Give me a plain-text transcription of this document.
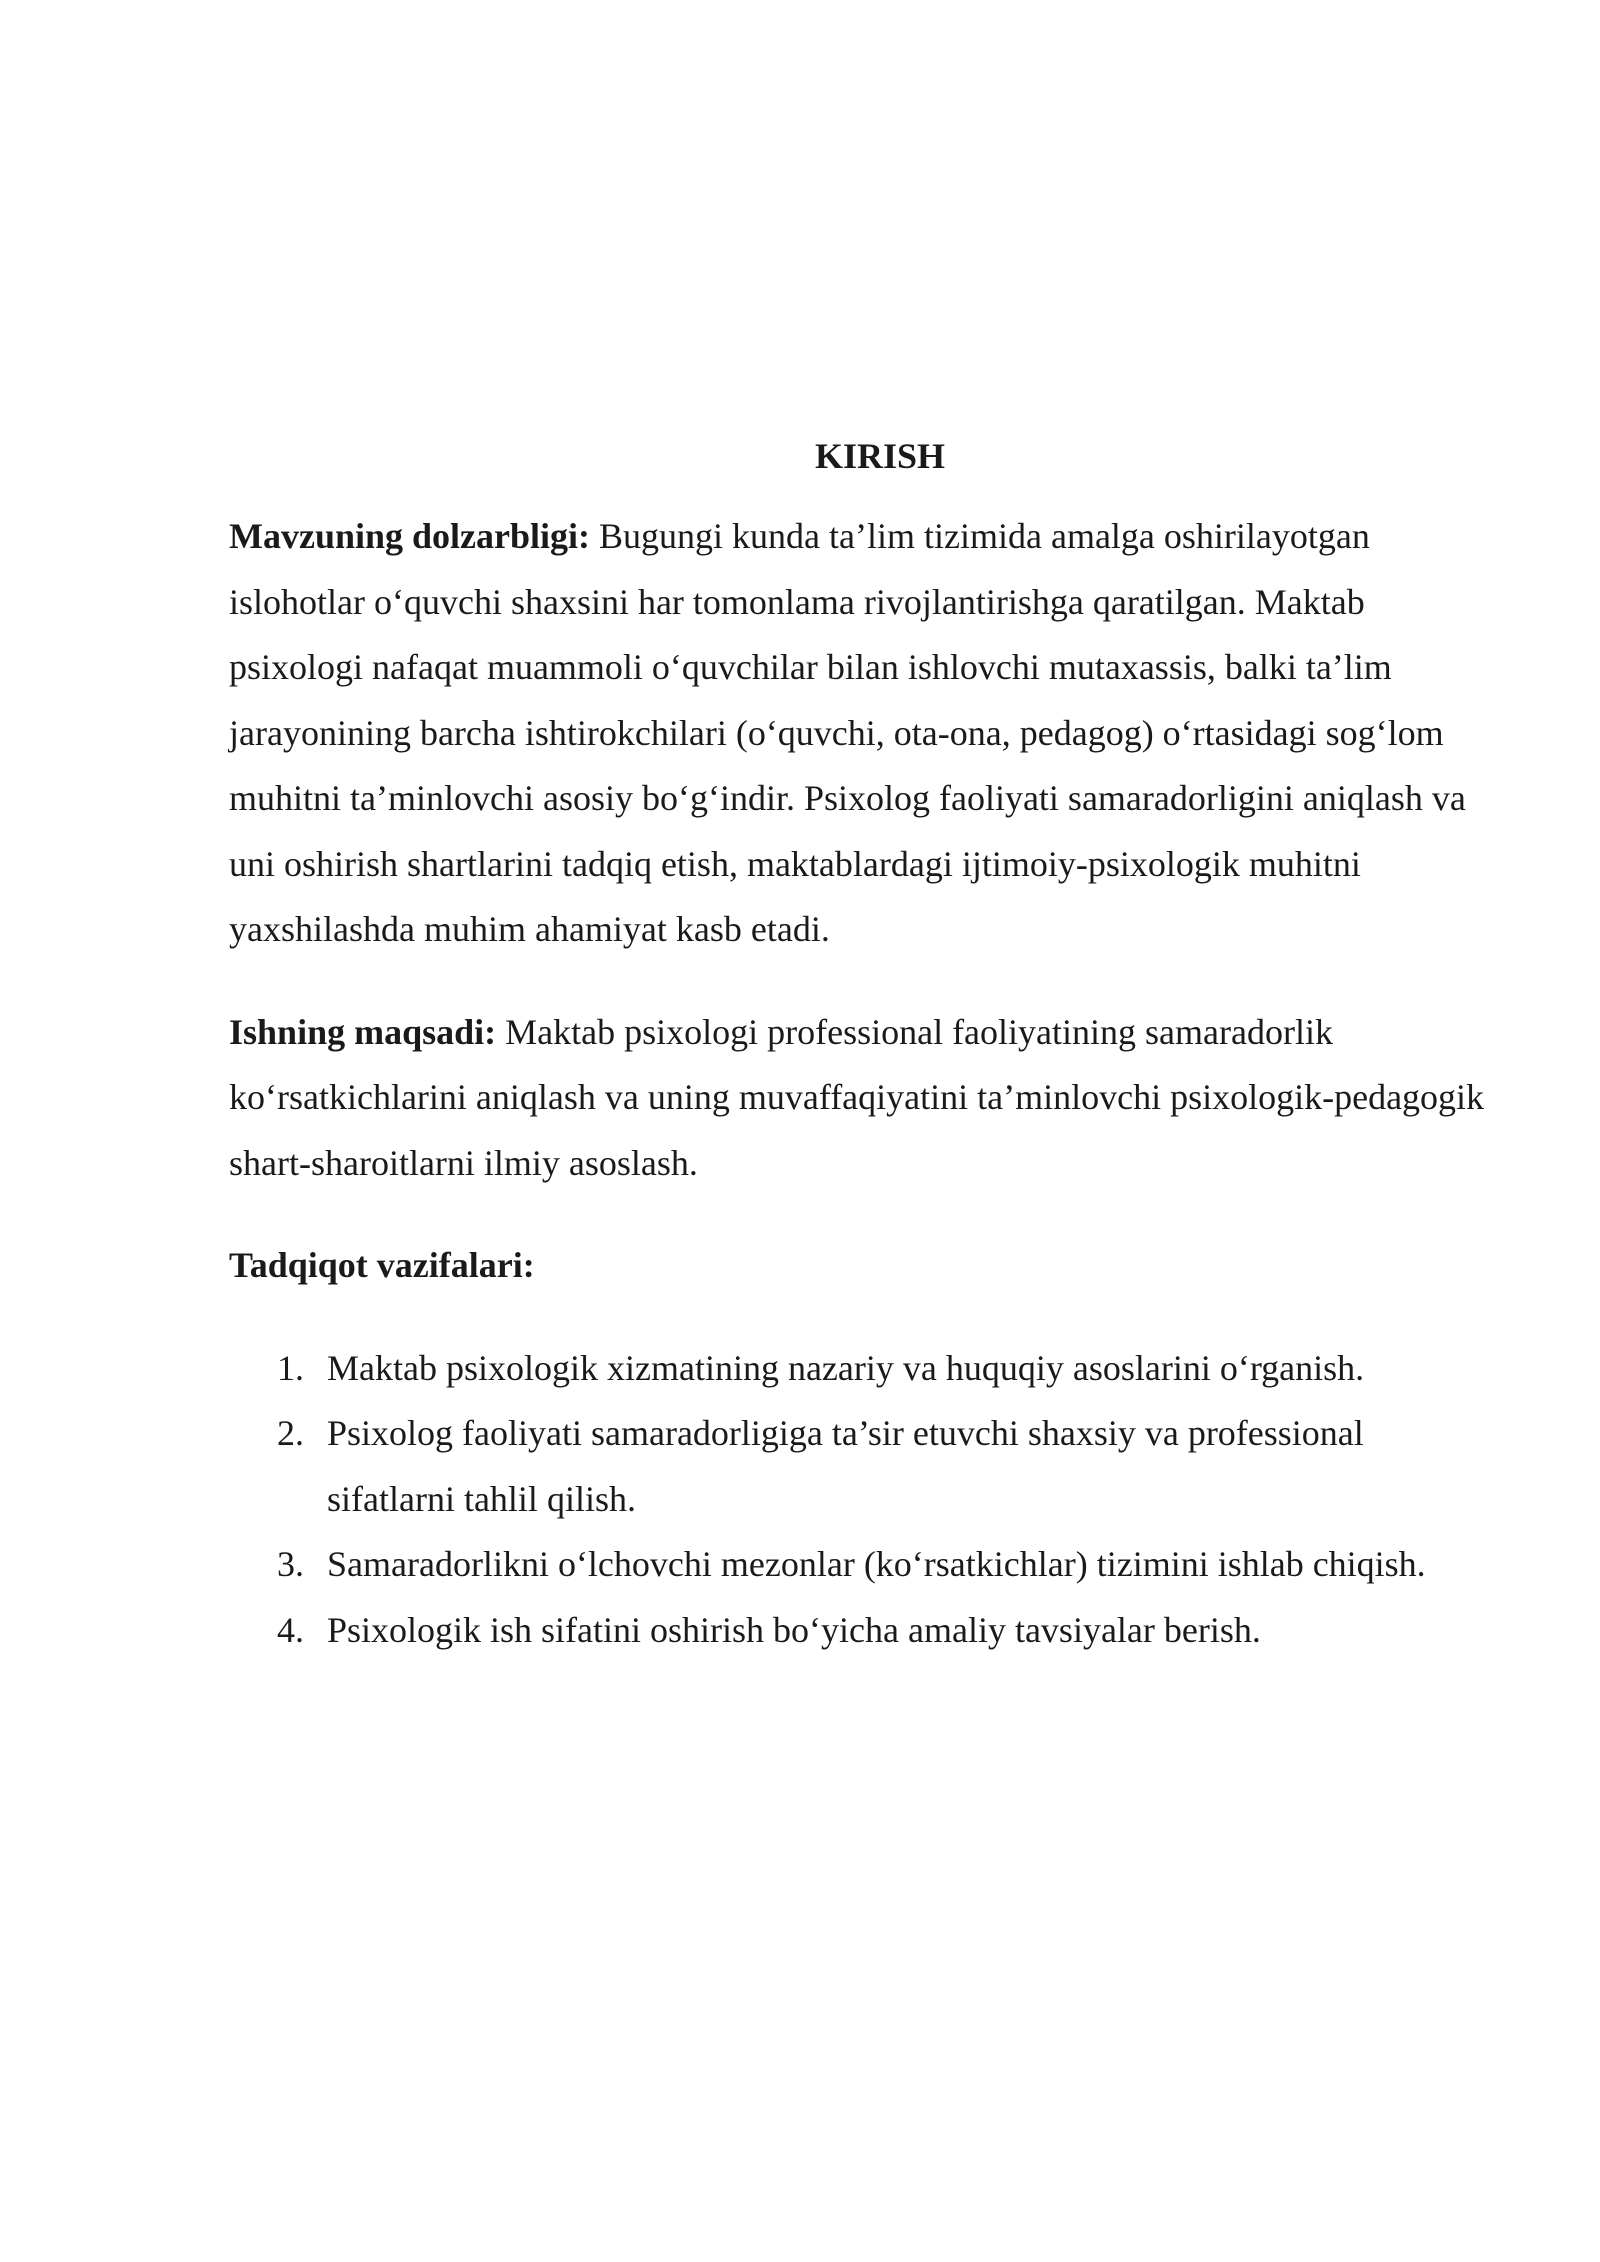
KIRISH

Mavzuning dolzarbligi: Bugungi kunda ta’lim tizimida amalga oshirilayotgan islohotlar o‘quvchi shaxsini har tomonlama rivojlantirishga qaratilgan. Maktab psixologi nafaqat muammoli o‘quvchilar bilan ishlovchi mutaxassis, balki ta’lim jarayonining barcha ishtirokchilari (o‘quvchi, ota-ona, pedagog) o‘rtasidagi sog‘lom muhitni ta’minlovchi asosiy bo‘g‘indir. Psixolog faoliyati samaradorligini aniqlash va uni oshirish shartlarini tadqiq etish, maktablardagi ijtimoiy-psixologik muhitni yaxshilashda muhim ahamiyat kasb etadi.

Ishning maqsadi: Maktab psixologi professional faoliyatining samaradorlik ko‘rsatkichlarini aniqlash va uning muvaffaqiyatini ta’minlovchi psixologik-pedagogik shart-sharoitlarni ilmiy asoslash.

Tadqiqot vazifalari:

1. Maktab psixologik xizmatining nazariy va huquqiy asoslarini o‘rganish.
2. Psixolog faoliyati samaradorligiga ta’sir etuvchi shaxsiy va professional sifatlarni tahlil qilish.
3. Samaradorlikni o‘lchovchi mezonlar (ko‘rsatkichlar) tizimini ishlab chiqish.
4. Psixologik ish sifatini oshirish bo‘yicha amaliy tavsiyalar berish.
